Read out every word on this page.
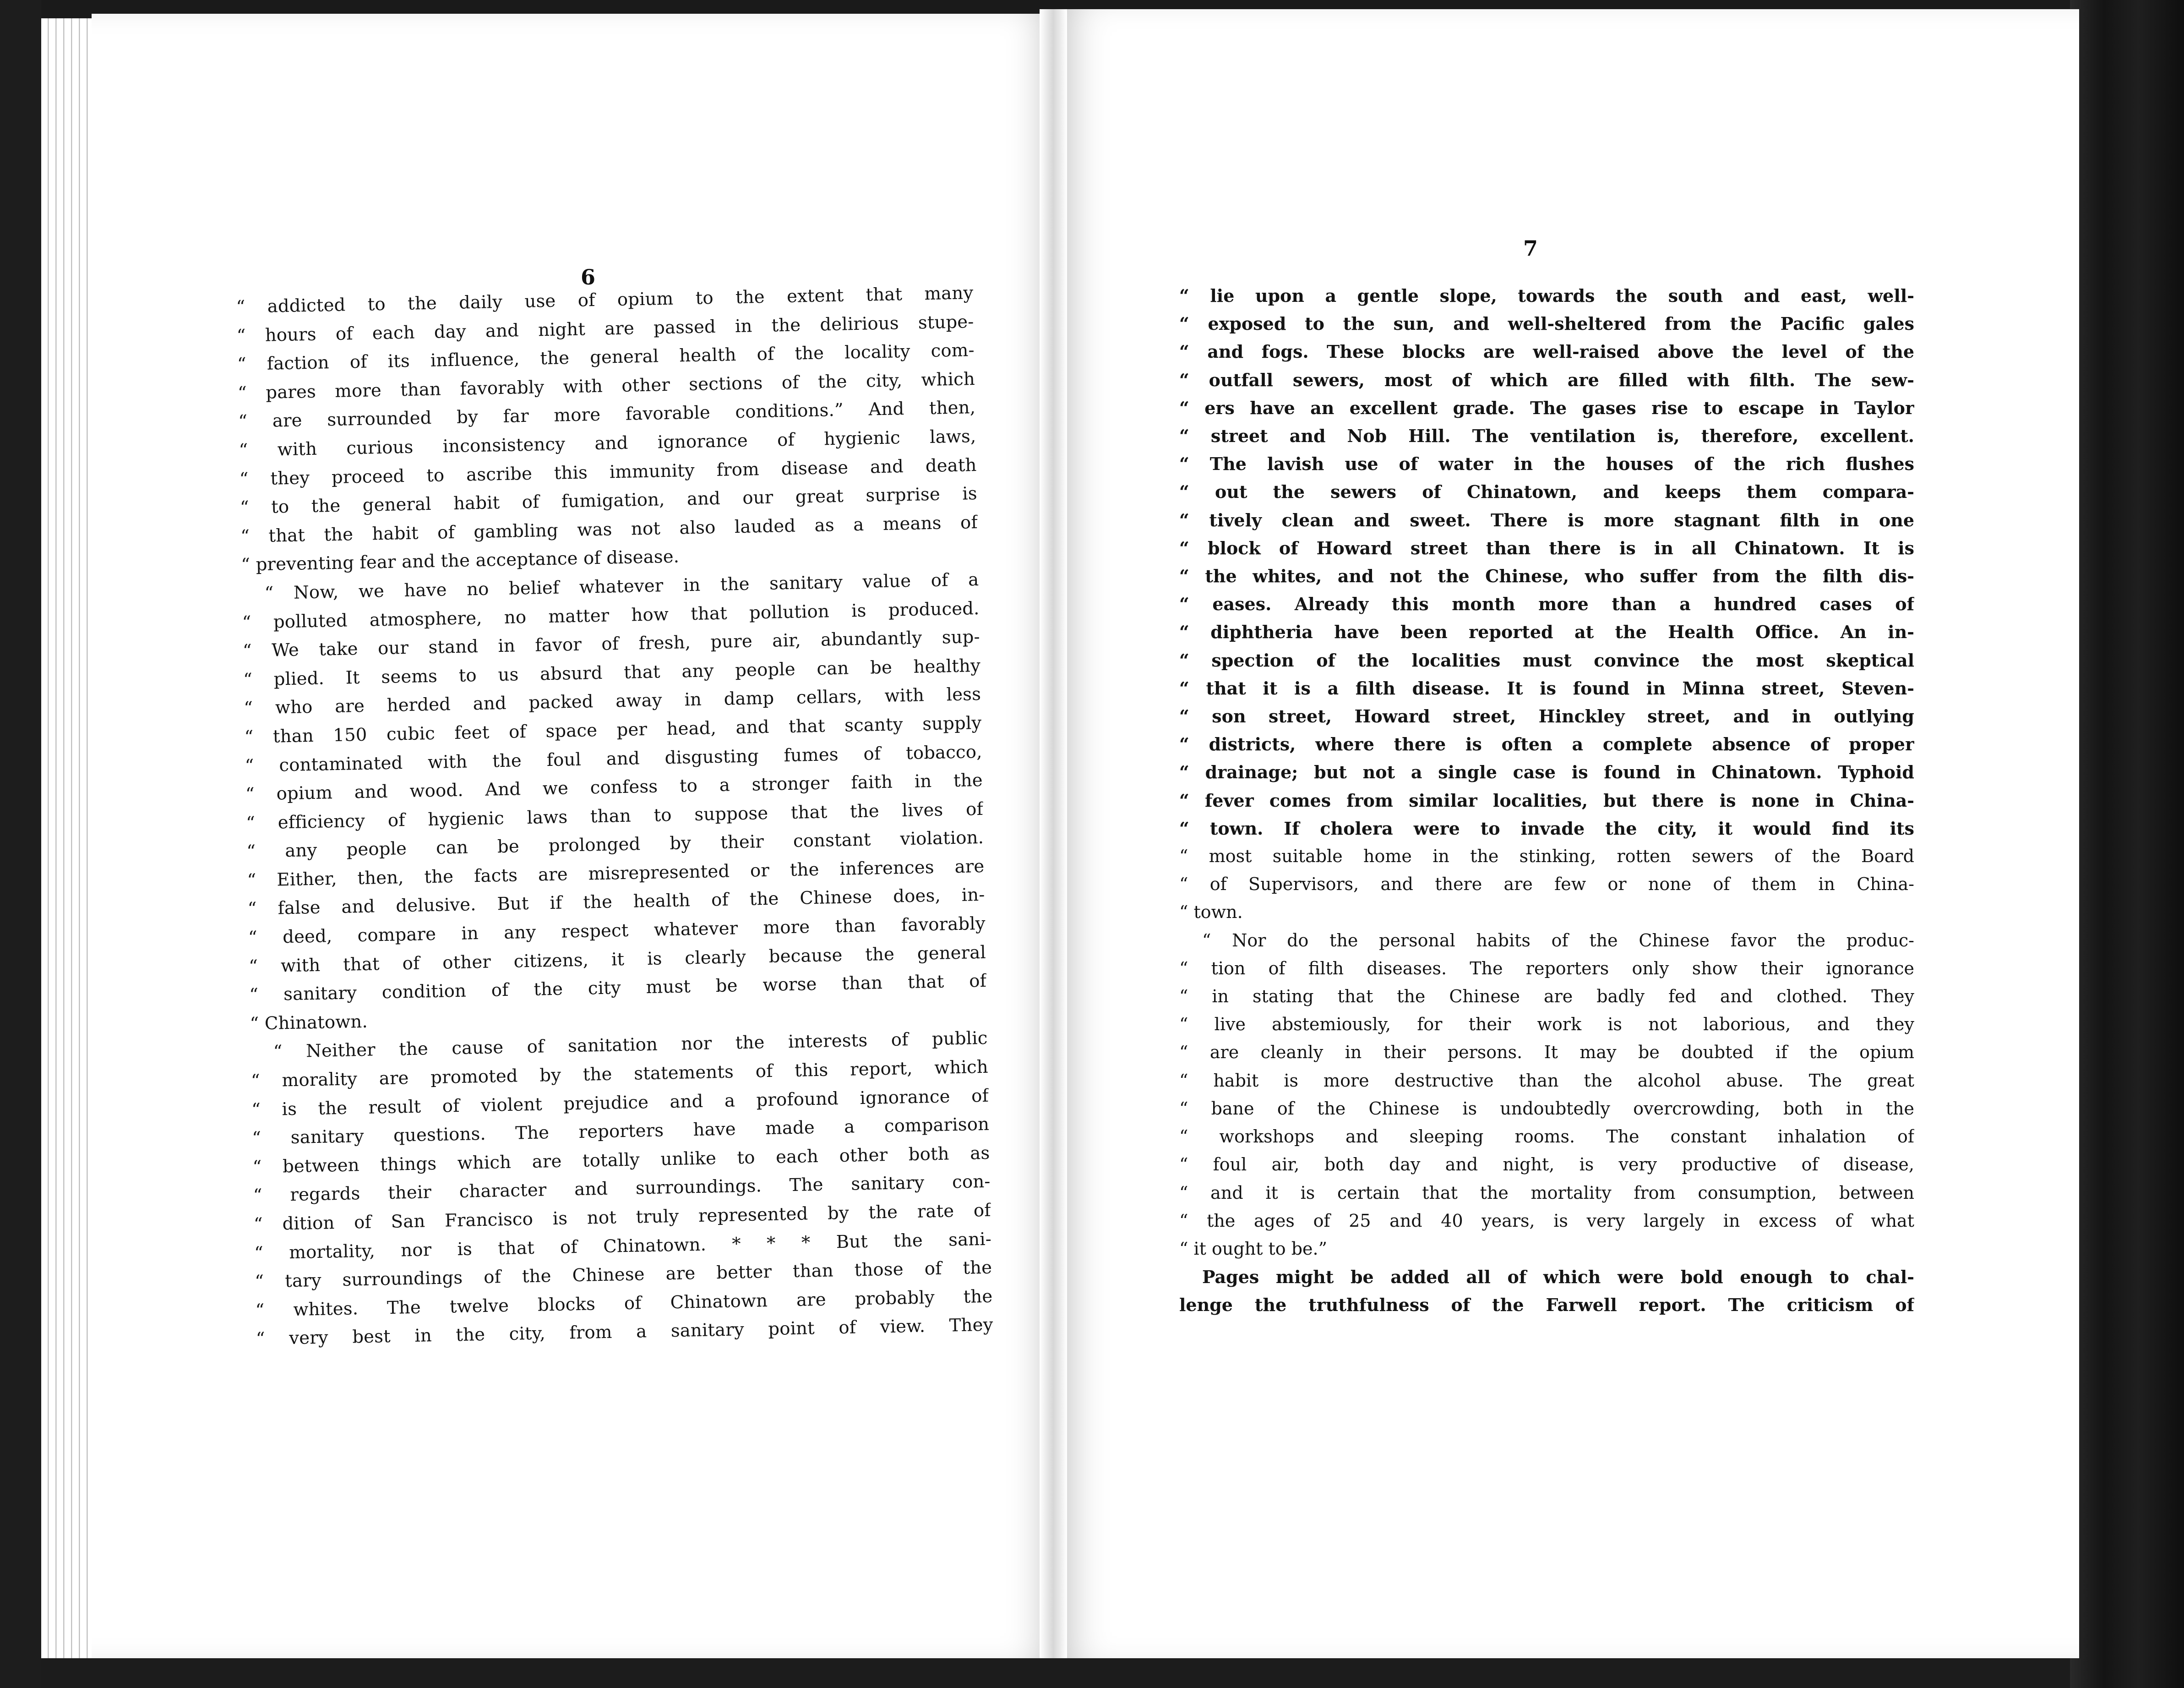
6
7
“ addicted to the daily use of opium to the extent that many
“ hours of each day and night are passed in the delirious stupe-
“ faction of its influence, the general health of the locality com-
“ pares more than favorably with other sections of the city, which
“ are surrounded by far more favorable conditions.” And then,
“ with curious inconsistency and ignorance of hygienic laws,
“ they proceed to ascribe this immunity from disease and death
“ to the general habit of fumigation, and our great surprise is
“ that the habit of gambling was not also lauded as a means of
“ preventing fear and the acceptance of disease.
“ Now, we have no belief whatever in the sanitary value of a
“ polluted atmosphere, no matter how that pollution is produced.
“ We take our stand in favor of fresh, pure air, abundantly sup-
“ plied. It seems to us absurd that any people can be healthy
“ who are herded and packed away in damp cellars, with less
“ than 150 cubic feet of space per head, and that scanty supply
“ contaminated with the foul and disgusting fumes of tobacco,
“ opium and wood. And we confess to a stronger faith in the
“ efficiency of hygienic laws than to suppose that the lives of
“ any people can be prolonged by their constant violation.
“ Either, then, the facts are misrepresented or the inferences are
“ false and delusive. But if the health of the Chinese does, in-
“ deed, compare in any respect whatever more than favorably
“ with that of other citizens, it is clearly because the general
“ sanitary condition of the city must be worse than that of
“ Chinatown.
“ Neither the cause of sanitation nor the interests of public
“ morality are promoted by the statements of this report, which
“ is the result of violent prejudice and a profound ignorance of
“ sanitary questions. The reporters have made a comparison
“ between things which are totally unlike to each other both as
“ regards their character and surroundings. The sanitary con-
“ dition of San Francisco is not truly represented by the rate of
“ mortality, nor is that of Chinatown. * * * But the sani-
“ tary surroundings of the Chinese are better than those of the
“ whites. The twelve blocks of Chinatown are probably the
“ very best in the city, from a sanitary point of view. They
“ lie upon a gentle slope, towards the south and east, well-
“ exposed to the sun, and well-sheltered from the Pacific gales
“ and fogs. These blocks are well-raised above the level of the
“ outfall sewers, most of which are filled with filth. The sew-
“ ers have an excellent grade. The gases rise to escape in Taylor
“ street and Nob Hill. The ventilation is, therefore, excellent.
“ The lavish use of water in the houses of the rich flushes
“ out the sewers of Chinatown, and keeps them compara-
“ tively clean and sweet. There is more stagnant filth in one
“ block of Howard street than there is in all Chinatown. It is
“ the whites, and not the Chinese, who suffer from the filth dis-
“ eases. Already this month more than a hundred cases of
“ diphtheria have been reported at the Health Office. An in-
“ spection of the localities must convince the most skeptical
“ that it is a filth disease. It is found in Minna street, Steven-
“ son street, Howard street, Hinckley street, and in outlying
“ districts, where there is often a complete absence of proper
“ drainage; but not a single case is found in Chinatown. Typhoid
“ fever comes from similar localities, but there is none in China-
“ town. If cholera were to invade the city, it would find its
“ most suitable home in the stinking, rotten sewers of the Board
“ of Supervisors, and there are few or none of them in China-
“ town.
“ Nor do the personal habits of the Chinese favor the produc-
“ tion of filth diseases. The reporters only show their ignorance
“ in stating that the Chinese are badly fed and clothed. They
“ live abstemiously, for their work is not laborious, and they
“ are cleanly in their persons. It may be doubted if the opium
“ habit is more destructive than the alcohol abuse. The great
“ bane of the Chinese is undoubtedly overcrowding, both in the
“ workshops and sleeping rooms. The constant inhalation of
“ foul air, both day and night, is very productive of disease,
“ and it is certain that the mortality from consumption, between
“ the ages of 25 and 40 years, is very largely in excess of what
“ it ought to be.”
Pages might be added all of which were bold enough to chal-
lenge the truthfulness of the Farwell report. The criticism of
